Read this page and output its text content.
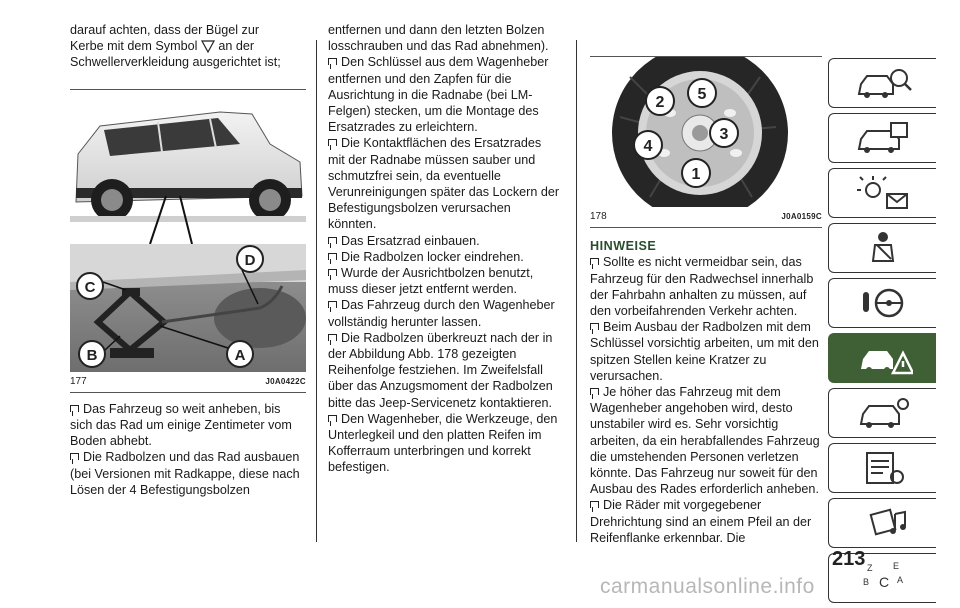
darauf achten, dass der Bügel zur
Kerbe mit dem Symbol an der
Schwellerverkleidung ausgerichtet ist;

C
D
B	A
177	J0A0422C

Das Fahrzeug so weit anheben, bis sich das Rad um einige Zentimeter vom Boden abhebt.

Die Radbolzen und das Rad ausbauen (bei Versionen mit Radkappe, diese nach Lösen der 4 Befestigungsbolzen

entfernen und dann den letzten Bolzen losschrauben und das Rad abnehmen).

Den Schlüssel aus dem Wagenheber entfernen und den Zapfen für die Ausrichtung in die Radnabe (bei LM-Felgen) stecken, um die Montage des Ersatzrades zu erleichtern.

Die Kontaktflächen des Ersatzrades mit der Radnabe müssen sauber und schmutzfrei sein, da eventuelle Verunreinigungen später das Lockern der Befestigungsbolzen verursachen könnten.

Das Ersatzrad einbauen.

Die Radbolzen locker eindrehen.

Wurde der Ausrichtbolzen benutzt, muss dieser jetzt entfernt werden.

Das Fahrzeug durch den Wagenheber vollständig herunter lassen.

Die Radbolzen überkreuzt nach der in der Abbildung Abb. 178 gezeigten Reihenfolge festziehen. Im Zweifelsfall über das Anzugsmoment der Radbolzen bitte das Jeep-Servicenetz kontaktieren.

Den Wagenheber, die Werkzeuge, den Unterlegkeil und den platten Reifen im Kofferraum unterbringen und korrekt befestigen.

2 5
3
4
1
178	J0A0159C
HINWEISE

Sollte es nicht vermeidbar sein, das Fahrzeug für den Radwechsel innerhalb der Fahrbahn anhalten zu müssen, auf den vorbeifahrenden Verkehr achten.

Beim Ausbau der Radbolzen mit dem Schlüssel vorsichtig arbeiten, um mit den spitzen Stellen keine Kratzer zu verursachen.

Je höher das Fahrzeug mit dem Wagenheber angehoben wird, desto unstabiler wird es. Sehr vorsichtig arbeiten, da ein herabfallendes Fahrzeug die umstehenden Personen verletzen könnte. Das Fahrzeug nur soweit für den Ausbau des Rades erforderlich anheben.

Die Räder mit vorgegebener Drehrichtung sind an einem Pfeil an der Reifenflanke erkennbar. Die

Z E
B C A
213
carmanualsonline.info
